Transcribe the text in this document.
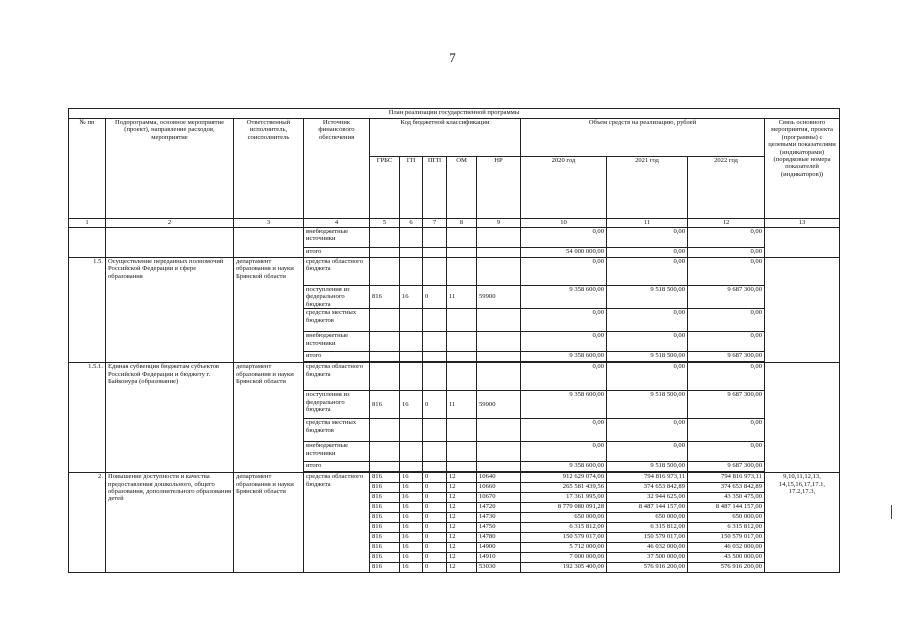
7
План реализации государственной программы												
№ пп	Подпрограмма, основное мероприятие (проект), направление расходов, мероприятие	Ответственный исполнитель, соисполнитель	Источник финансового обеспечения	Код бюджетной классификации					Объем средств на реализацию, рублей			Связь основного мероприятия, проекта (программы) с целевыми показателями (индикаторами) (порядковые номера показателей (индикаторов))
				ГРБС	ГП	ПГП	ОМ	НР	2020 год	2021 год	2022 год	
1	2	3	4	5	6	7	8	9	10	11	12	13
			внебюджетные источники						0,00	0,00	0,00	
			итого						54 000 000,00	0,00	0,00	
1.5.	Осуществление переданных полномочий Российской Федерации в сфере образования	департамент образования и науки Брянской области	средства областного бюджета						0,00	0,00	0,00	
			поступления из федерального бюджета	816	16	0	11	59900	9 358 600,00	9 518 500,00	9 687 300,00	
			средства местных бюджетов						0,00	0,00	0,00	
			внебюджетные источники						0,00	0,00	0,00	
			итого						9 358 600,00	9 518 500,00	9 687 300,00	

1.5.1.	Единая субвенция бюджетам субъектов Российской Федерации и бюджету г. Байконура (образование)	департамент образования и науки Брянской области	средства областного бюджета						0,00	0,00	0,00	
			поступления из федерального бюджета	816	16	0	11	59900	9 358 600,00	9 518 500,00	9 687 300,00	
			средства местных бюджетов						0,00	0,00	0,00	
			внебюджетные источники						0,00	0,00	0,00	
			итого						9 358 600,00	9 518 500,00	9 687 300,00	

2.	Повышение доступности и качества предоставления дошкольного, общего образования, дополнительного образования детей	департамент образования и науки Брянской области	средства областного бюджета	816	16	0	12	10640	912 629 074,00	794 816 973,11	794 816 973,11	9,10,11,12,13, 14,15,16,17,17.1, 17.2,17.3,
				816	16	0	12	10660	265 581 439,56	374 653 842,89	374 653 842,89	
				816	16	0	12	10670	17 361 995,00	32 944 625,00	43 350 475,00	
				816	16	0	12	14720	8 779 080 091,28	8 487 144 157,00	8 487 144 157,00	
				816	16	0	12	14730	650 000,00	650 000,00	650 000,00	
				816	16	0	12	14750	6 315 812,00	6 315 812,00	6 315 812,00	
				816	16	0	12	14780	150 579 017,00	150 579 017,00	150 579 017,00	
				816	16	0	12	14900	5 712 000,00	46 032 000,00	46 032 000,00	
				816	16	0	12	14910	7 000 000,00	37 500 000,00	43 500 000,00	
				816	16	0	12	53030	192 305 400,00	576 916 200,00	576 916 200,00	
